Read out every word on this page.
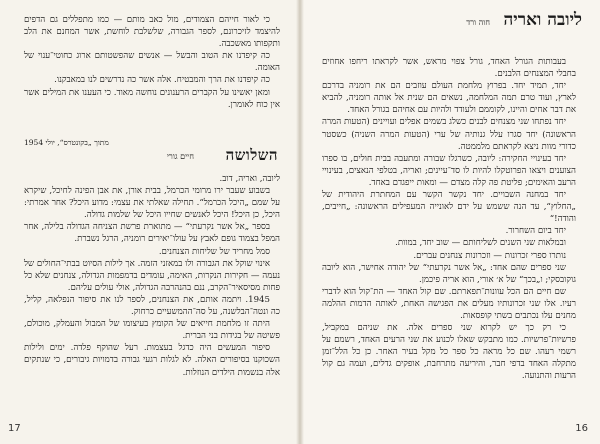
כי לאור חייהם הצמודים, מול כאב מותם — כמו מתפללים גם הדפים להיצמד לזיכרונם, לספר הגבורה, שלשלבת לוחשת, אשר המחנם את הלב ותקפותו מאשכבה.

כה קיפדנו את הטוב והבשל — אנשים שהפשטותם ארוג כחוטי־ענוי של האומה.

כה קיפדנו את הרך והמבטיח. אלה אשר כה נדרשים לנו במאבקנו.

ומאן יאשינו על הקברים הרענונים נוחשה מאוד. כי העענו את המילים אשר אין כוח לאומרן.

מתוך „בקונטרס“, יולי 1954
השלושה
חיים גורי

ליובה, ואריה, דוב.

בשבוע שעבר ירו מרומי הכרמל, בבית אורן, את אבן הפינה לחיכל, שיקרא על שמם „היכל הכרמל“. תחילה שאלתי את עצמי: מדוע היכל? אחר אמרתי: היכל, כן היכל! היכל לאנשים שחייו היכל של שלמות גדולה.

בספר „אל אשר נקרעתי“ — מתוארת פרשת הצניחה הגדולה בלילה, אחר המפל בצמוד גופם לאבץ על עולו־יאירים רומניה, הרגל נשברת.

סמל מחריד של שליחות הצנחנים.

אינוי שוקל את הגבורה ולו במאזני הזמה. אך לילות הסיוט בבתי־החולים של נעמה — חקירות הנקרות, האימה, עומדים בדמפמות הגדולה, צנחנים שלא כל פחות מסיסאיר־הקרב, ננם בהנהרבה הגדולה, אולי עולים עליהם.

1945. ויתמה אותם, את הצנחנים, לספר לנו את סיפור הנפלאה, קליל, כה ונטה־הבלשנה, על סה־ההמשעיים כרחוק.

היתה זו מלחמת חייאים של הקומץ בעיצומו של המבול והעמלק, מוכולם, פשיטה של בגידות בני הברית.

סיפור המעשים היה כדגל בעצמות. רעל שהוקף פלדה. ימים ולילות השכוקנו בסיפורים האלה. לא לגלות רגעי גבורה בדמויות גיבורים, כי שנתקים אלה בנשמות הילדים הנוזלות.

17
ליובה ואריה
חוה ורד

בעבותות הגורל האחד, גורל צפוי מראש, אשר לקראתו ריחפו אחוזים בחבלי המצנחים הלבנים.

יחד, תמיד יחד. בפרוץ מלחמת העולם עוזבים הם את רומניה בדרכם לארץ, ועוד טרם תמה המלחמה, נשאים הם שנית אל אותה רומניה, להביא את דבר אחים והיינו, לקוממם ולעודד ולהיות עם אחיהם בגורל האחד.

יחד נפתחו שני מצנחים לבנים כשלג בשמים אפלים ועויינים (הטעות המרה הראשונה) יחד סגרו עלל גנותיה של ערי (הטעות המרה השניה) כשסטר כדורי מוות ניצא לקראתם מלממטה.

יחד בעינויי החקירה: ליובה, כשרגלו שבורה ומתעבה בבית חולים, בו ספרו הצוענים ויצאו הפרוטקלו להיות לו סד־עיינים; ואריה, בטלפי הנאצים, בעינויי הרעב והאימים; פליטת פה קלה מצדם — ומאות ייפגדם באחד.

יחד במחנה השבויים. יחד נקשר הקשר עם המחתרת היהודית של „החלוץ“, עד הנה ששמש על ידם לאונייה המעפילים הראשונה: „חייבים, והודה!“

יחד ביום השחרור.

ובמלאות שני השנים לשליחותם — שוב יחד, במוות.

נותרו ספרי זכרונות — וזכרונות צנחנים עברים.

שני ספרים שהם אחד: „אל אשר נקרעתי“ של יהודה אחישר, הוא ליובה גוקובסקי; ו„בכך“ של א׳ אורי, הוא אריה פיכמן.

שם חיים הם הכל עוונות־תפארתם. שם קול האחד — הת־קול הוא לדברי רעיו. אלו שני זכרונותיו מעלים את הפגישה האחת, לאותה הדמות ההלמה מחנים עלו נכתבים בשתי קופסאות.

כי רק כך יש לקרוא שני ספרים אלה. את שניהם במקביל, פרשיות־פרשיות. כמו מתבקש שאלו לכנוע את שני הרעים האחד, רשמם על רשמי רעהו. שם כל מראה כל ספר כל מקל בעיר האחר. כן כל הלל־זמן מתקלה האחד בדפי חבר, והיריעה מתרחבת, אופקים גדלים, ועמה גם קול הרעות והתנועה.

16
